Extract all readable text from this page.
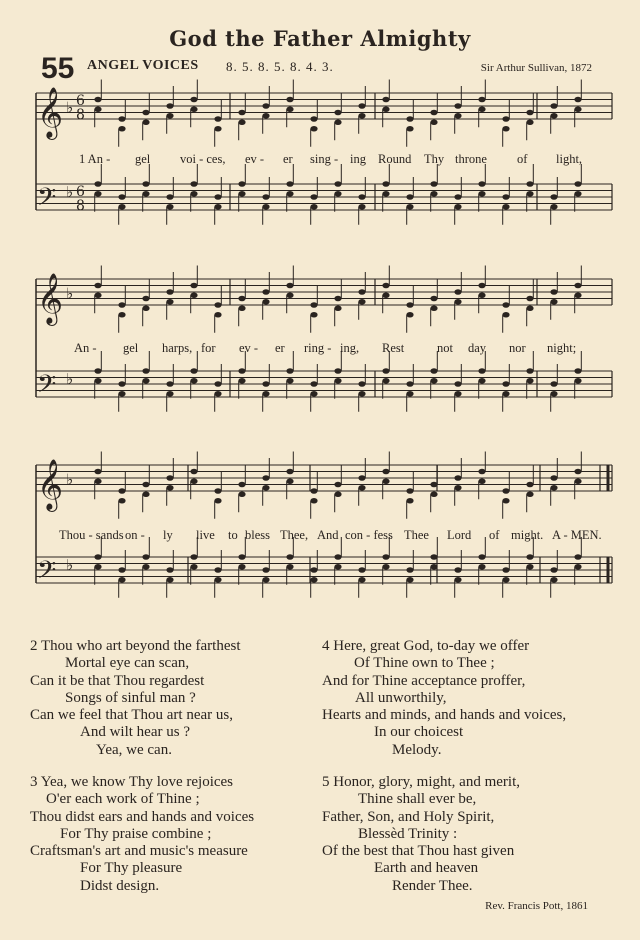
God the Father Almighty
55 ANGEL VOICES 8. 5. 8. 5. 8. 4. 3.	Sir Arthur Sullivan, 1872
𝄞 ♭ 6
8
𝄢 ♭ 6
8
𝄞 ♭
𝄢 ♭
𝄞 ♭
𝄢 ♭
1 An - gel voi - ces, ev - er sing - ing Round Thy throne of light,
An - gel harps, for ev - er ring - ing, Rest	not day nor night;
Thou - sands on - ly live to bless Thee, And con - fess Thee Lord of might. A - MEN.
2 Thou who art beyond the farthest
Mortal eye can scan,
Can it be that Thou regardest
Songs of sinful man ?
Can we feel that Thou art near us,
And wilt hear us ?
Yea, we can.
3 Yea, we know Thy love rejoices
O'er each work of Thine ;
Thou didst ears and hands and voices
For Thy praise combine ;
Craftsman's art and music's measure
For Thy pleasure
Didst design.
4 Here, great God, to-day we offer
Of Thine own to Thee ;
And for Thine acceptance proffer,
All unworthily,
Hearts and minds, and hands and voices,
In our choicest
Melody.
5 Honor, glory, might, and merit,
Thine shall ever be,
Father, Son, and Holy Spirit,
Blessèd Trinity :
Of the best that Thou hast given
Earth and heaven
Render Thee.
Rev. Francis Pott, 1861
